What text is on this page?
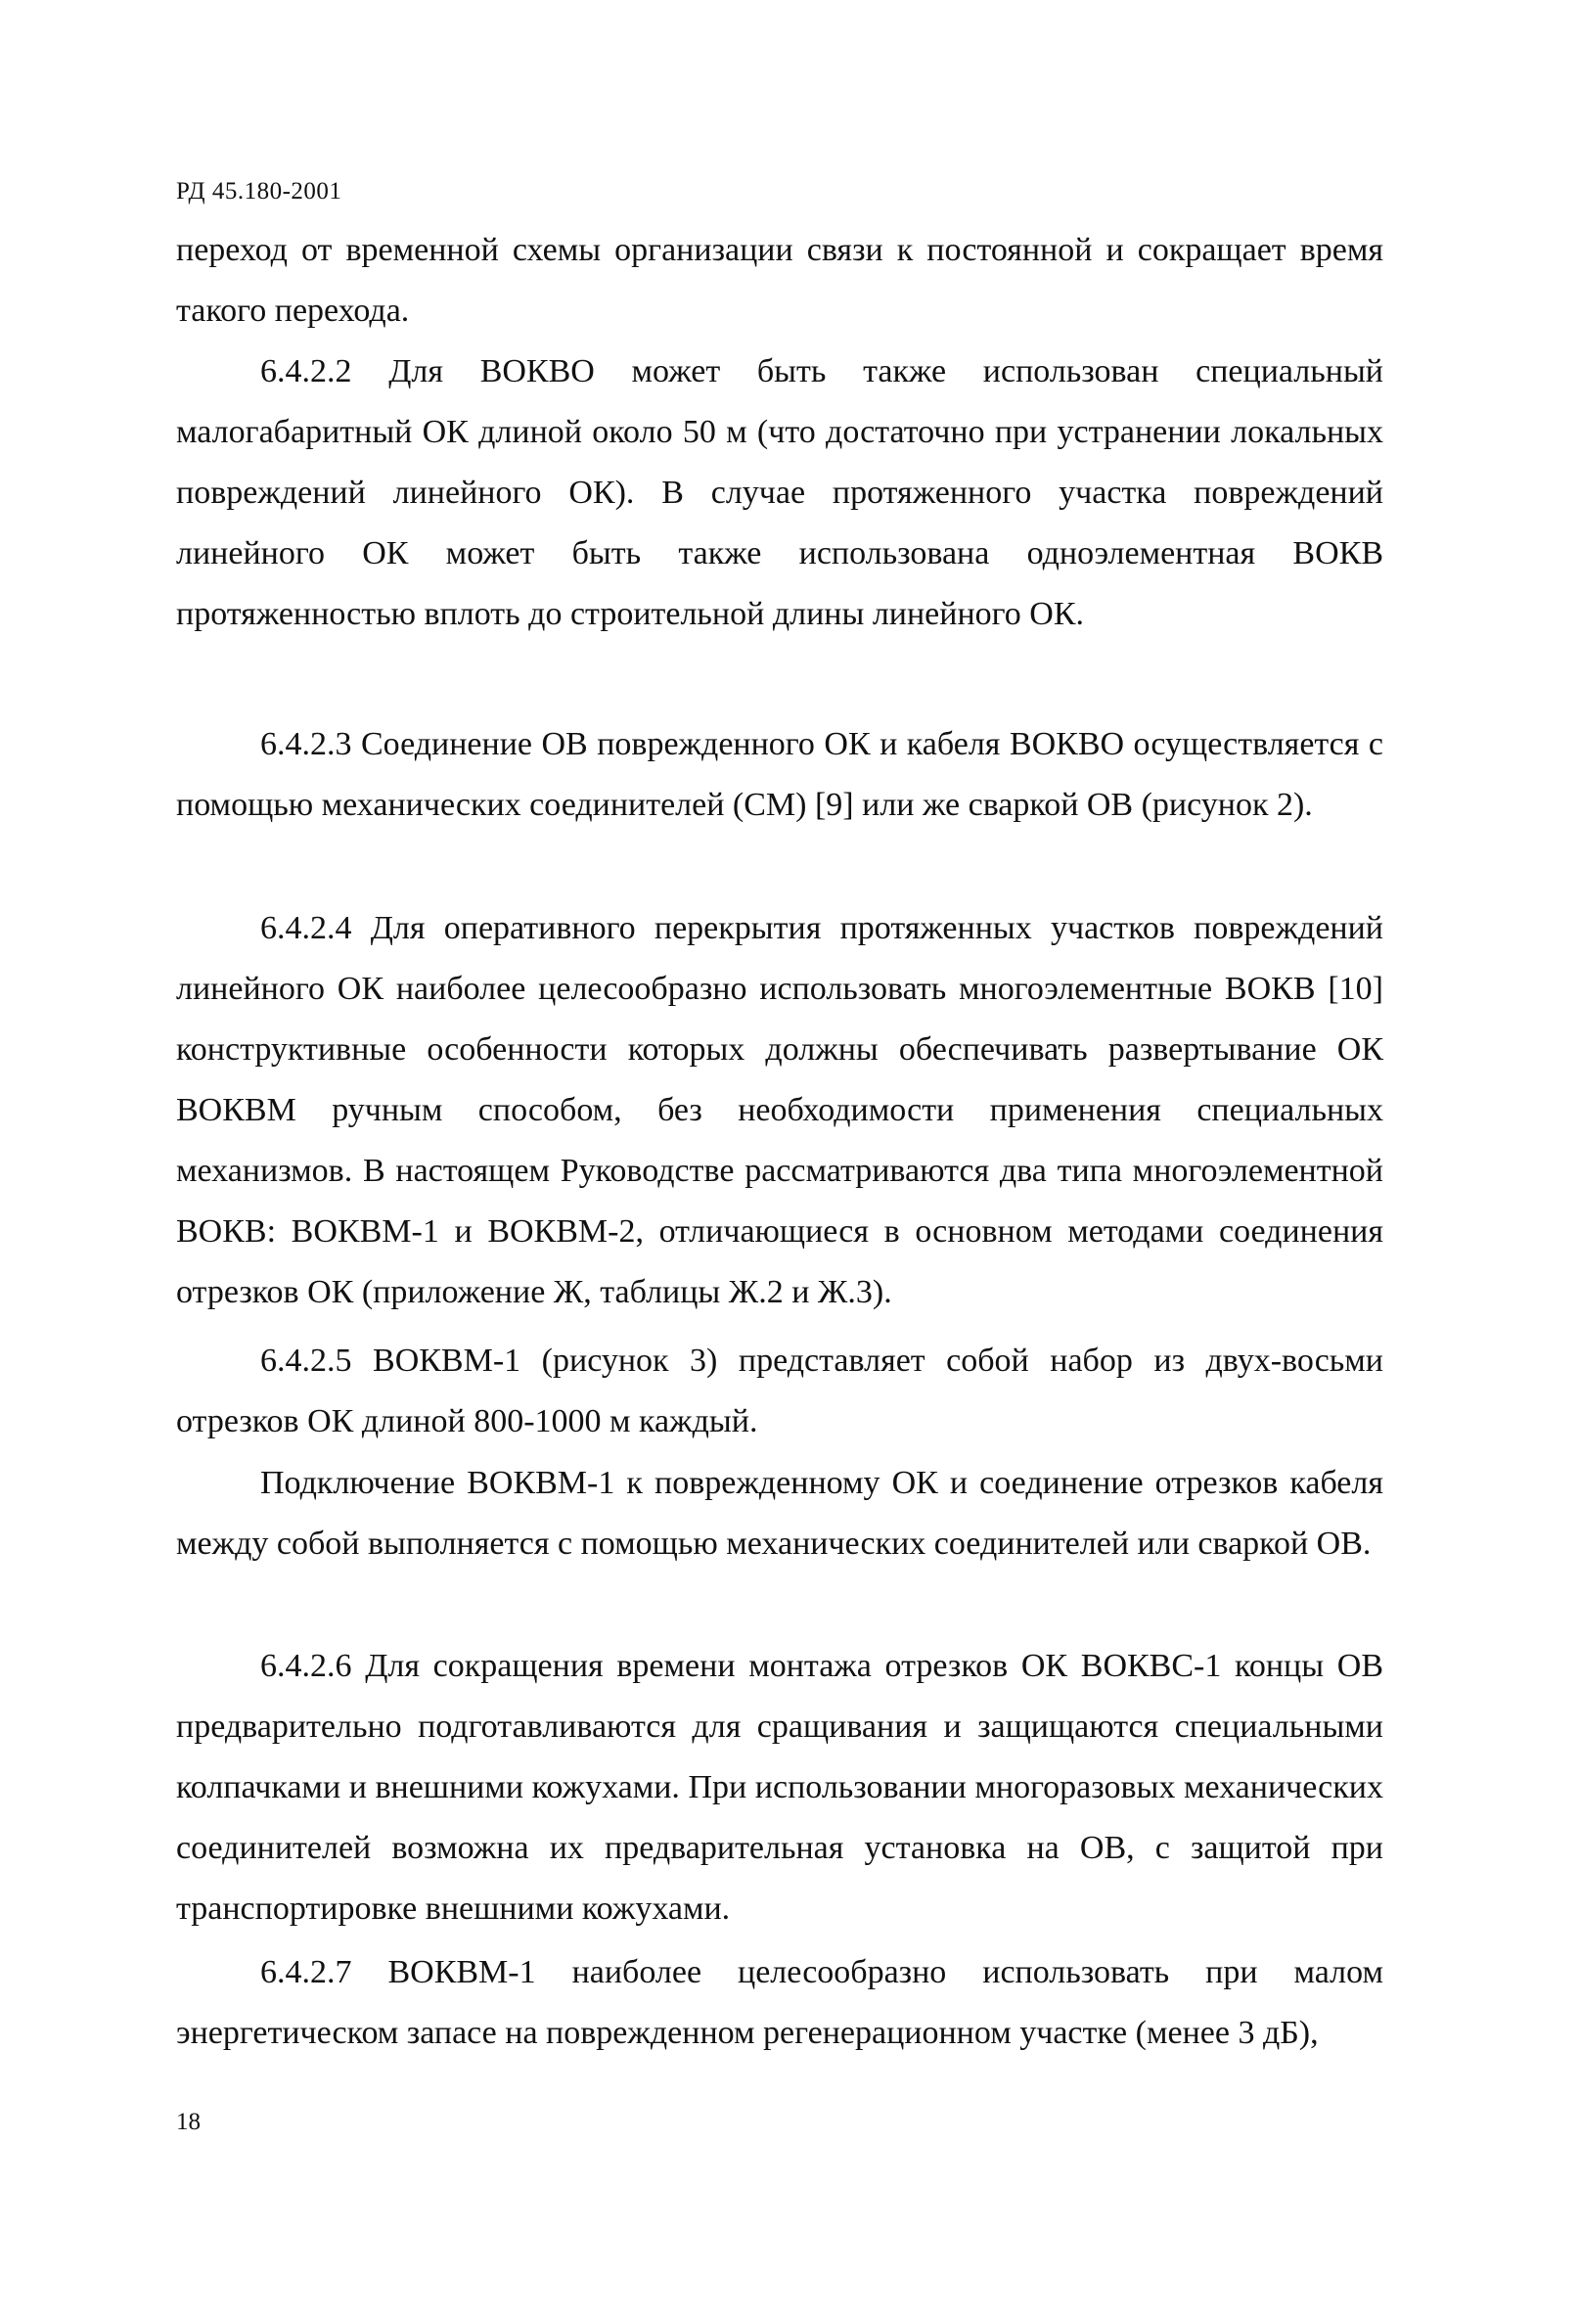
РД 45.180-2001

переход от временной схемы организации связи к постоянной и сокращает время такого перехода.

6.4.2.2 Для ВОКВО может быть также использован специальный малогабаритный ОК длиной около 50 м (что достаточно при устранении локальных повреждений линейного ОК). В случае протяженного участка повреждений линейного ОК может быть также использована одноэлементная ВОКВ протяженностью вплоть до строительной длины линейного ОК.

6.4.2.3 Соединение ОВ поврежденного ОК и кабеля ВОКВО осуществляется с помощью механических соединителей (СМ) [9] или же сваркой ОВ (рисунок 2).

6.4.2.4 Для оперативного перекрытия протяженных участков повреждений линейного ОК наиболее целесообразно использовать многоэлементные ВОКВ [10] конструктивные особенности которых должны обеспечивать развертывание ОК ВОКВМ ручным способом, без необходимости применения специальных механизмов. В настоящем Руководстве рассматриваются два типа многоэлементной ВОКВ: ВОКВМ-1 и ВОКВМ-2, отличающиеся в основном методами соединения отрезков ОК (приложение Ж, таблицы Ж.2 и Ж.3).

6.4.2.5 ВОКВМ-1 (рисунок 3) представляет собой набор из двух-восьми отрезков ОК длиной 800-1000 м каждый.

Подключение ВОКВМ-1 к поврежденному ОК и соединение отрезков кабеля между собой выполняется с помощью механических соединителей или сваркой ОВ.

6.4.2.6 Для сокращения времени монтажа отрезков ОК ВОКВС-1 концы ОВ предварительно подготавливаются для сращивания и защищаются специальными колпачками и внешними кожухами. При использовании многоразовых механических соединителей возможна их предварительная установка на ОВ, с защитой при транспортировке внешними кожухами.

6.4.2.7 ВОКВМ-1 наиболее целесообразно использовать при малом энергетическом запасе на поврежденном регенерационном участке (менее 3 дБ),

18
